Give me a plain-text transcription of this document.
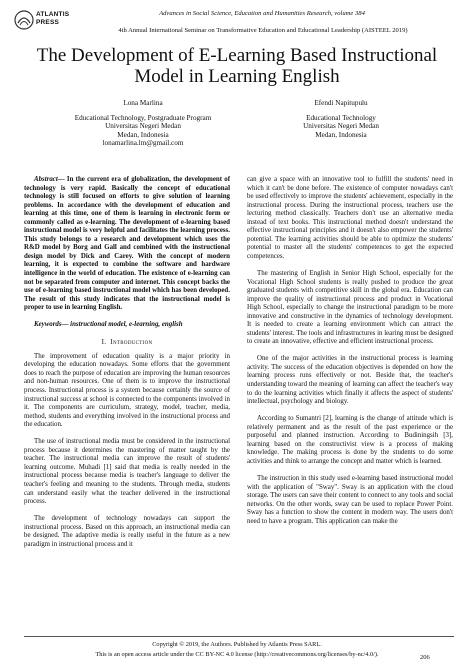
ATLANTIS
PRESS
Advances in Social Science, Education and Humanities Research, volume 384
4th Annual International Seminar on Transformative Education and Educational Leadership (AISTEEL 2019)
The Development of E-Learning Based Instructional
Model in Learning English
Lona Marlina
Educational Technology, Postgraduate Program
Universitas Negeri Medan
Medan, Indonesia
lonamarlina.lm@gmail.com
Efendi Napitupulu
Educational Technology
Universitas Negeri Medan
Medan, Indonesia

Abstract— In the current era of globalization, the development of technology is very rapid. Basically the concept of educational technology is still focused on efforts to give solution of learning problems. In accordance with the development of education and learning at this time, one of them is learning in electronic form or commonly called as e-learning. The development of e-learning based instructional model is very helpful and facilitates the learning process. This study belongs to a research and development which uses the R&D model by Borg and Gall and combined with the instructional design model by Dick and Carey. With the concept of modern learning, it is expected to combine the software and hardware intelligence in the world of education. The existence of e-learning can not be separated from computer and internet. This concept backs the use of e-learning based instructional model which has been developed. The result of this study indicates that the instructional model is proper to use in learning English.

Keywords— instructional model, e-learning, english

I. Introduction

The improvement of education quality is a major priority in developing the education nowadays. Some efforts that the government does to reach the purpose of education are improving the human resources and non-human resources. One of them is to improve the instructional process. Instructional process is a system because certainly the source of instructional success at school is connected to the components involved in it. The components are curriculum, strategy, model, teacher, media, method, students and everything involved in the instructional process and the education.

The use of instructional media must be considered in the instructional process because it determines the mastering of matter taught by the teacher. The instructional media can improve the result of students' learning outcome. Muhadi [1] said that media is really needed in the instructional process because media is teacher's language to deliver the teacher's feeling and meaning to the students. Through media, students can understand easily what the teacher delivered in the instructional process.

The development of technology nowadays can support the instructional process. Based on this approach, an instructional media can be designed. The adaptive media is really useful in the future as a new paradigm in instructional process and it

can give a space with an innovative tool to fulfill the students' need in which it can't be done before. The existence of computer nowadays can't be used effectively to improve the students' achievement, especially in the instructional process. During the instructional process, teachers use the lecturing method classically. Teachers don't use an alternative media instead of text books. This instructional method doesn't understand the effective instructional principles and it doesn't also empower the students' potential. The learning activities should be able to optimize the students' potential to master all the students' competences to get the expected competences.

The mastering of English in Senior High School, especially for the Vocational High School students is really pushed to produce the great graduated students with competitive skill in the global era. Education can improve the quality of instructional process and product in Vocational High School, especially to change the instructional paradigm to be more innovative and constructive in the dynamics of technology development. It is needed to create a learning environment which can attract the students' interest. The tools and infrastructures in learing must be designed to create an innovative, effective and efficient instructional process.

One of the major activities in the instructional process is learning activity. The success of the education objectives is depended on how the learning process runs effectively or not. Beside that, the teacher's understanding toward the meaning of learning can affect the teacher's way to do the learning activities which finally it affects the aspect of students' intellectual, psychology and biology.

According to Sumantri [2], learning is the change of attitude which is relatively permanent and as the result of the past experience or the purposeful and planned instruction. According to Budiningsih [3], learning based on the constructivist view is a process of making knowledge. The making process is done by the students to do some activities and think to arrange the concept and matter which is learned.

The instruction in this study used e-learning based instructional model with the application of "Sway". Sway is an application with the cloud storage. The users can save their content to connect to any tools and social networks. On the other words, sway can be used to replace Power Point. Sway has a function to show the content in modern way. The users don't need to have a program. This application can make the

Copyright © 2019, the Authors. Published by Atlantis Press SARL.
This is an open access article under the CC BY-NC 4.0 license (http://creativecommons.org/licenses/by-nc/4.0/).	206
